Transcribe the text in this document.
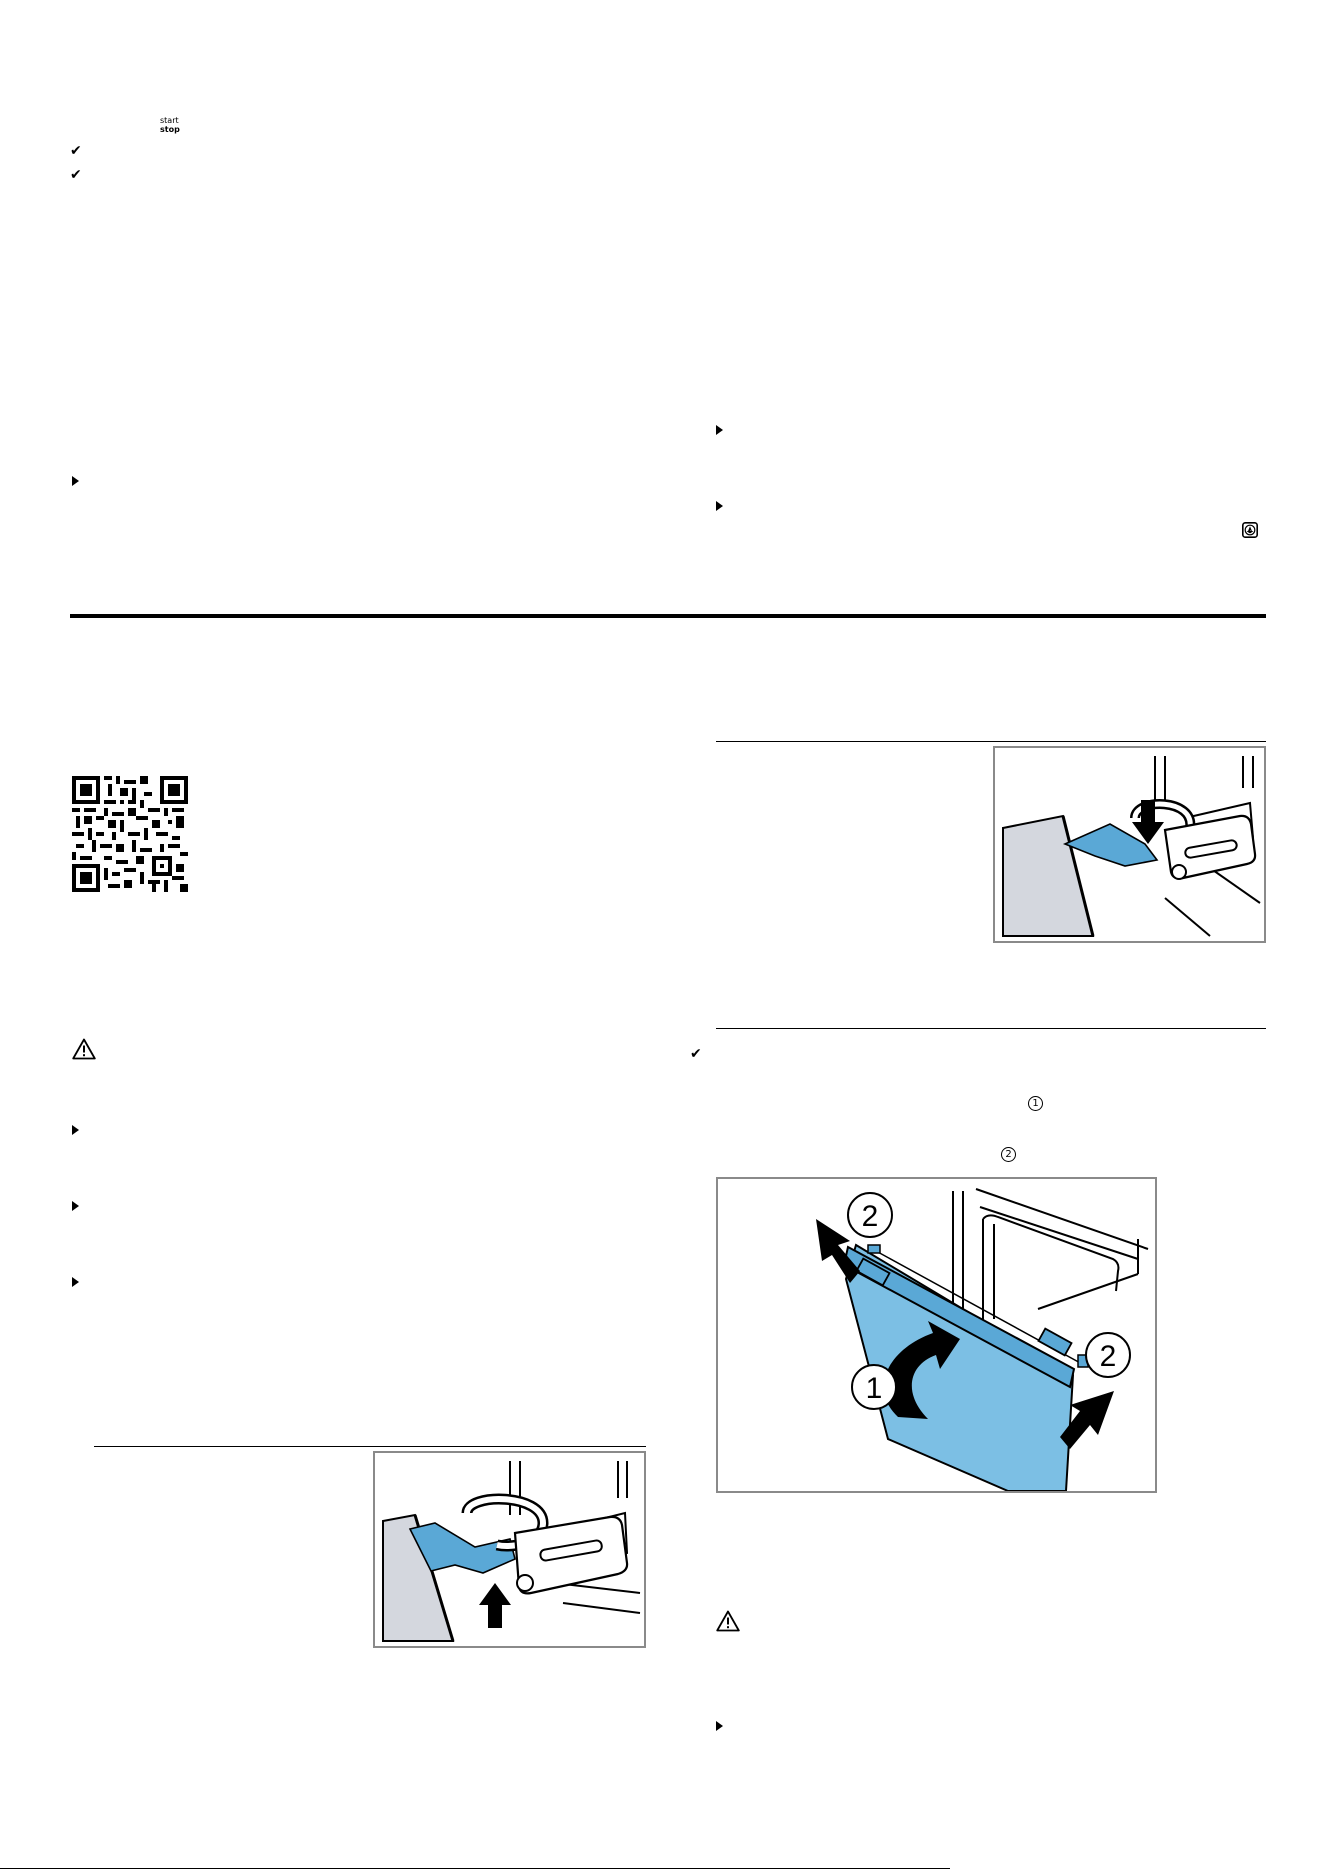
start
stop
✔
✔
✔
1
2
2
2
1
